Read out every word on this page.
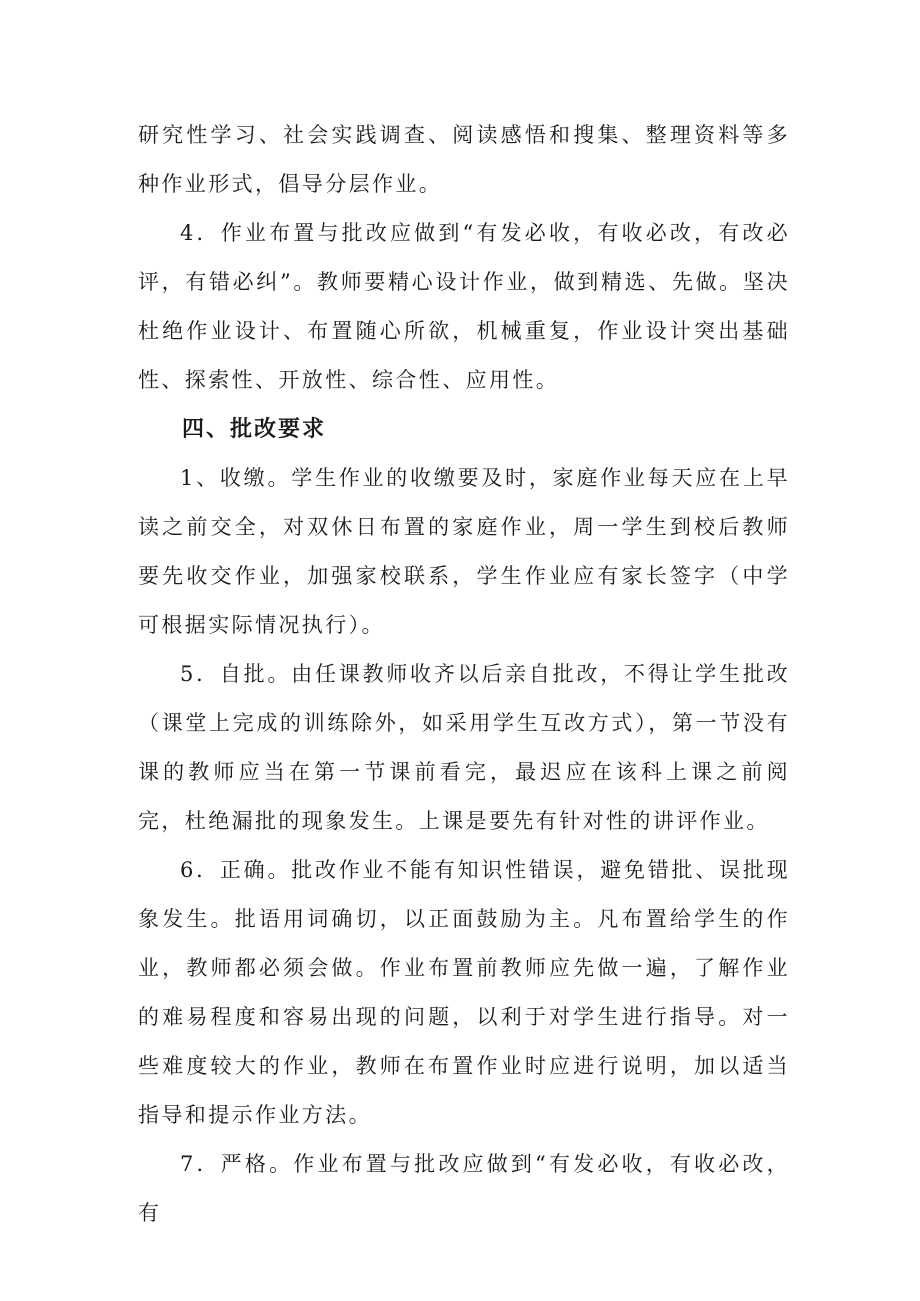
研究性学习、社会实践调查、阅读感悟和搜集、整理资料等多种作业形式，倡导分层作业。

4．作业布置与批改应做到“有发必收，有收必改，有改必评，有错必纠”。教师要精心设计作业，做到精选、先做。坚决杜绝作业设计、布置随心所欲，机械重复，作业设计突出基础性、探索性、开放性、综合性、应用性。

四、批改要求

1、收缴。学生作业的收缴要及时，家庭作业每天应在上早读之前交全，对双休日布置的家庭作业，周一学生到校后教师要先收交作业，加强家校联系，学生作业应有家长签字（中学可根据实际情况执行）。

5．自批。由任课教师收齐以后亲自批改，不得让学生批改（课堂上完成的训练除外，如采用学生互改方式），第一节没有课的教师应当在第一节课前看完，最迟应在该科上课之前阅完，杜绝漏批的现象发生。上课是要先有针对性的讲评作业。

6．正确。批改作业不能有知识性错误，避免错批、误批现象发生。批语用词确切，以正面鼓励为主。凡布置给学生的作业，教师都必须会做。作业布置前教师应先做一遍，了解作业的难易程度和容易出现的问题，以利于对学生进行指导。对一些难度较大的作业，教师在布置作业时应进行说明，加以适当指导和提示作业方法。

7．严格。作业布置与批改应做到“有发必收，有收必改，有
